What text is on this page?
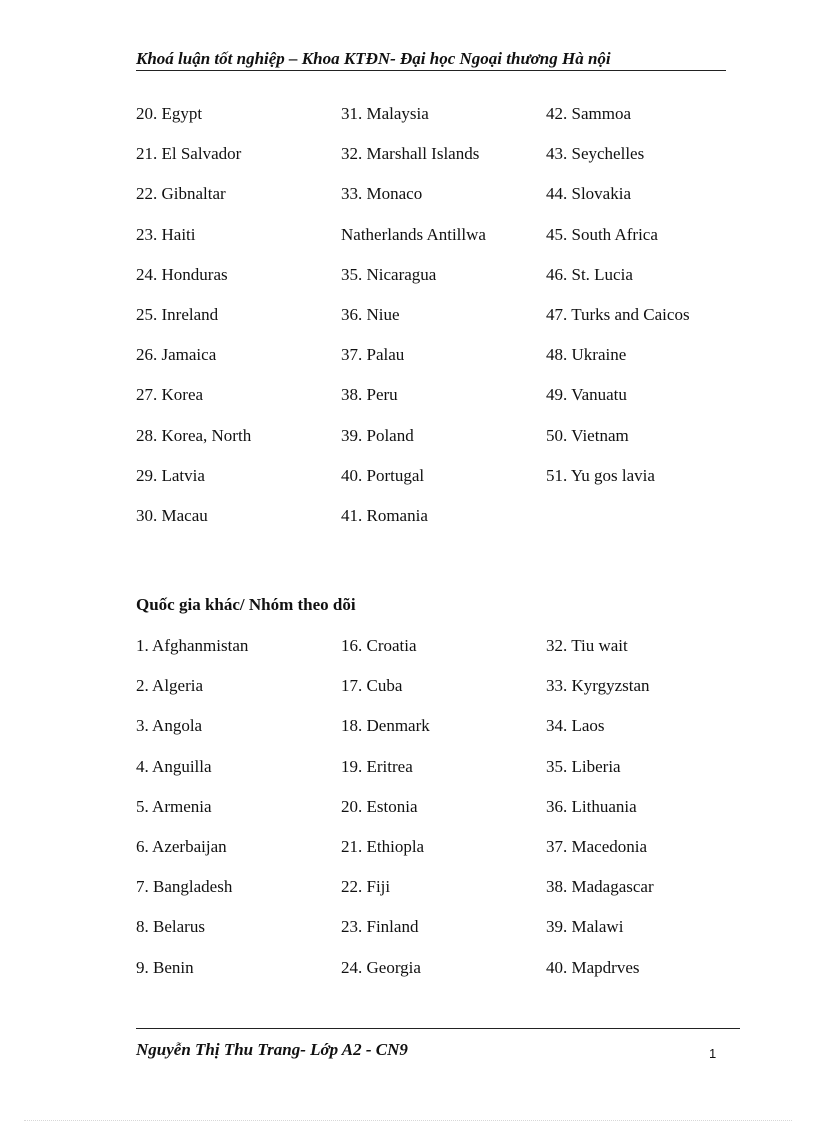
Khoá luận tốt nghiệp – Khoa KTĐN- Đại học Ngoại thương Hà nội
20. Egypt	31. Malaysia	42. Sammoa
21. El Salvador	32. Marshall Islands	43. Seychelles
22. Gibnaltar	33. Monaco	44. Slovakia
23. Haiti	Natherlands Antillwa	45. South Africa
24. Honduras	35. Nicaragua	46. St. Lucia
25. Inreland	36. Niue	47. Turks and Caicos
26. Jamaica	37. Palau	48. Ukraine
27. Korea	38. Peru	49. Vanuatu
28. Korea, North	39. Poland	50. Vietnam
29. Latvia	40. Portugal	51. Yu gos lavia
30. Macau	41. Romania
Quốc gia khác/ Nhóm theo dõi
1. Afghanmistan	16. Croatia	32. Tiu wait
2. Algeria	17. Cuba	33. Kyrgyzstan
3. Angola	18. Denmark	34. Laos
4. Anguilla	19. Eritrea	35. Liberia
5. Armenia	20. Estonia	36. Lithuania
6. Azerbaijan	21. Ethiopla	37. Macedonia
7. Bangladesh	22. Fiji	38. Madagascar
8. Belarus	23. Finland	39. Malawi
9. Benin	24. Georgia	40. Mapdrves
Nguyễn Thị Thu Trang- Lớp A2 - CN9	1
